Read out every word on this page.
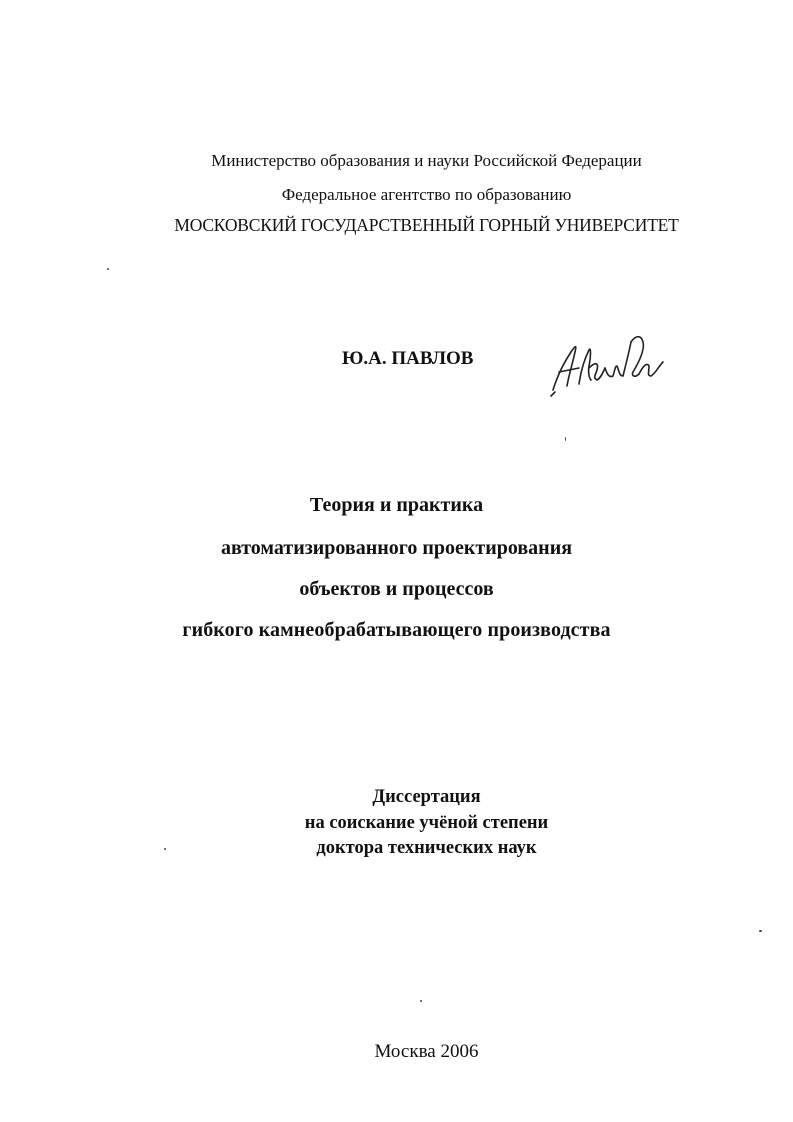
Министерство образования и науки Российской Федерации
Федеральное агентство по образованию
МОСКОВСКИЙ ГОСУДАРСТВЕННЫЙ ГОРНЫЙ УНИВЕРСИТЕТ
Ю.А. ПАВЛОВ
Теория и практика
автоматизированного проектирования
объектов и процессов
гибкого камнеобрабатывающего производства
Диссертация
на соискание учёной степени
доктора технических наук
Москва 2006
